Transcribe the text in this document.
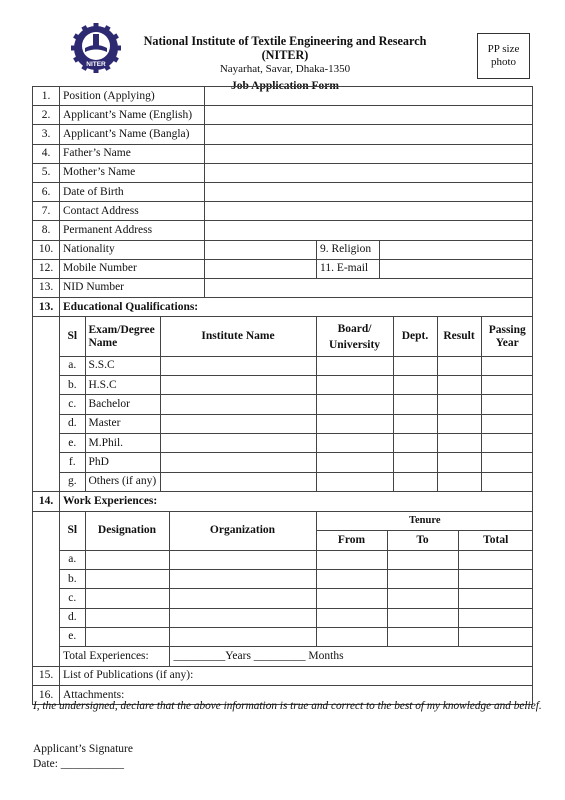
NITER
National Institute of Textile Engineering and Research (NITER)
Nayarhat, Savar, Dhaka-1350
Job Application Form
PP size photo
1.	Position (Applying)	
2.	Applicant’s Name (English)	
3.	Applicant’s Name (Bangla)	
4.	Father’s Name	
5.	Mother’s Name	
6.	Date of Birth	
7.	Contact Address	
8.	Permanent Address	
10.	Nationality		9. Religion	
12.	Mobile Number		11. E-mail	
13.	NID Number	
13.	Educational Qualifications:

Sl	Exam/Degree Name	Institute Name	Board/ University	Dept.	Result	Passing Year
a.	S.S.C					
b.	H.S.C					
c.	Bachelor					
d.	Master					
e.	M.Phil.					
f.	PhD					
g.	Others (if any)					

14.	Work Experiences:

Sl	Designation	Organization	Tenure
From	To	Total
a.					
b.					
c.					
d.					
e.					
Total Experiences:	_________Years _________ Months

15.	List of Publications (if any):
16.	Attachments:
I, the undersigned, declare that the above information is true and correct to the best of my knowledge and belief.
Applicant’s Signature
Date: ___________
